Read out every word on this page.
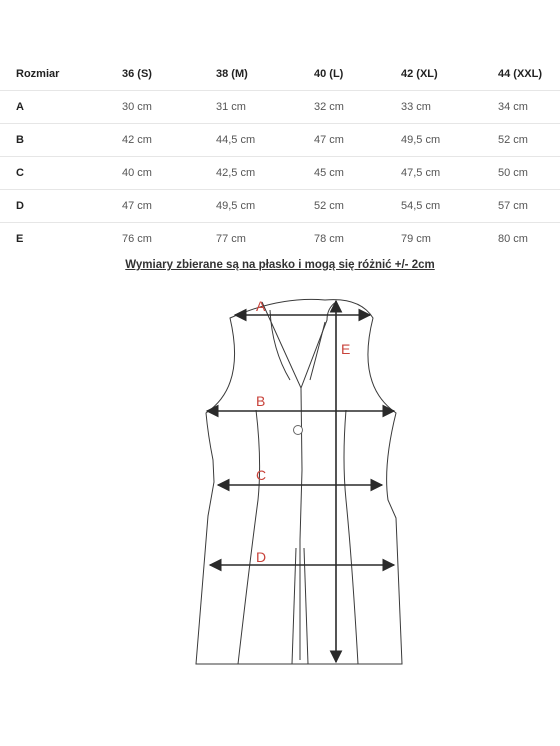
Rozmiar	36 (S)	38 (M)	40 (L)	42 (XL)	44 (XXL)
A	30 cm	31 cm	32 cm	33 cm	34 cm
B	42 cm	44,5 cm	47 cm	49,5 cm	52 cm
C	40 cm	42,5 cm	45 cm	47,5 cm	50 cm
D	47 cm	49,5 cm	52 cm	54,5 cm	57 cm
E	76 cm	77 cm	78 cm	79 cm	80 cm
Wymiary zbierane są na płasko i mogą się różnić +/- 2cm
A
E
B
C
D
